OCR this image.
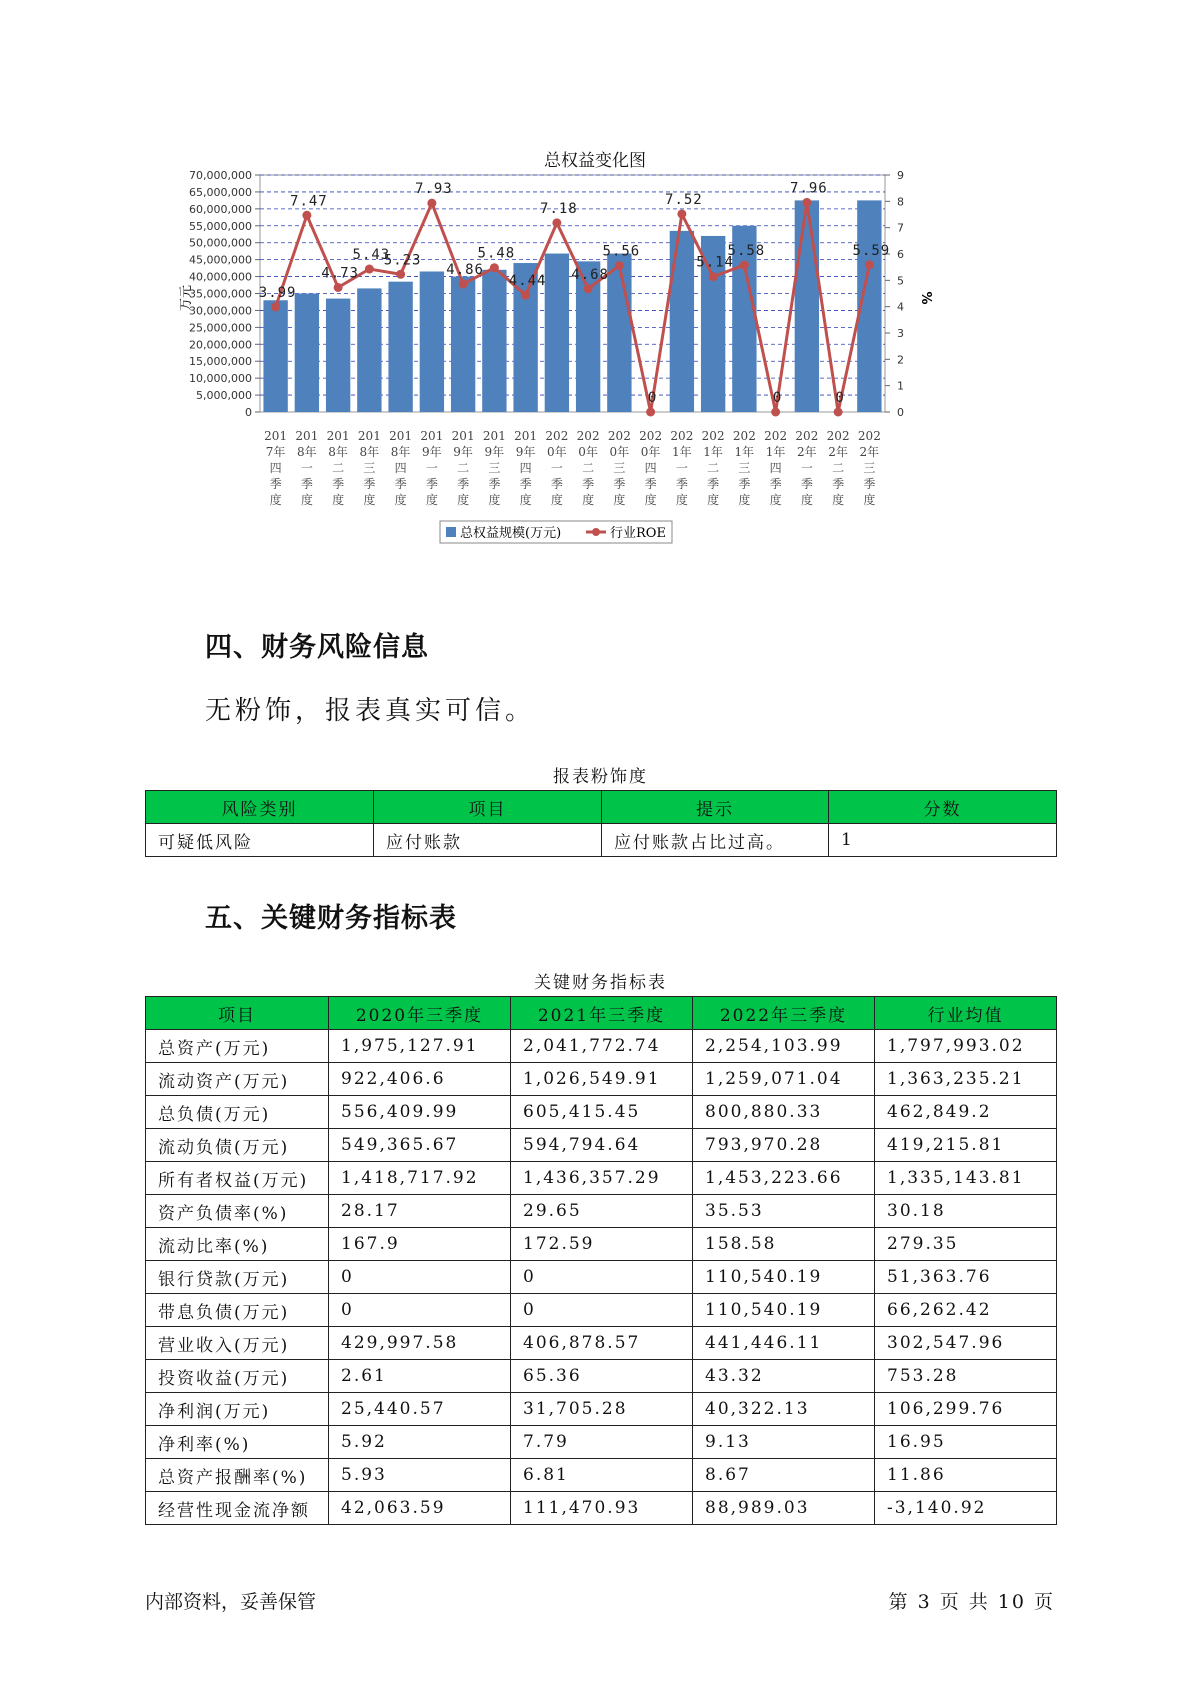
总权益变化图
0
5,000,000
10,000,000
15,000,000
20,000,000
25,000,000
30,000,000
35,000,000
40,000,000
45,000,000
50,000,000
55,000,000
60,000,000
65,000,000
70,000,000
0
1
2
3
4
5
6
7
8
9
万元	%
201
7年
四
季
度
201
8年
一
季
度
201
8年
二
季
度
201
8年
三
季
度
201
8年
四
季
度
201
9年
一
季
度
201
9年
二
季
度
201
9年
三
季
度
201
9年
四
季
度
202
0年
一
季
度
202
0年
二
季
度
202
0年
三
季
度
202
0年
四
季
度
202
1年
一
季
度
202
1年
二
季
度
202
1年
三
季
度
202
1年
四
季
度
202
2年
一
季
度
202
2年
二
季
度
202
2年
三
季
度
3.99
7.47
4.73
5.43
5.23
7.93
4.86
5.48
4.44
7.18
4.68
5.56
0
7.52
5.14
5.58
0
7.96
0
5.59
总权益规模(万元)	行业ROE
四、财务风险信息
无粉饰，报表真实可信。
报表粉饰度
风险类别	项目	提示	分数
可疑低风险	应付账款	应付账款占比过高。	1
五、关键财务指标表
关键财务指标表
项目	2020年三季度	2021年三季度	2022年三季度	行业均值
总资产(万元)	1,975,127.91	2,041,772.74	2,254,103.99	1,797,993.02
流动资产(万元)	922,406.6	1,026,549.91	1,259,071.04	1,363,235.21
总负债(万元)	556,409.99	605,415.45	800,880.33	462,849.2
流动负债(万元)	549,365.67	594,794.64	793,970.28	419,215.81
所有者权益(万元)	1,418,717.92	1,436,357.29	1,453,223.66	1,335,143.81
资产负债率(%)	28.17	29.65	35.53	30.18
流动比率(%)	167.9	172.59	158.58	279.35
银行贷款(万元)	0	0	110,540.19	51,363.76
带息负债(万元)	0	0	110,540.19	66,262.42
营业收入(万元)	429,997.58	406,878.57	441,446.11	302,547.96
投资收益(万元)	2.61	65.36	43.32	753.28
净利润(万元)	25,440.57	31,705.28	40,322.13	106,299.76
净利率(%)	5.92	7.79	9.13	16.95
总资产报酬率(%)	5.93	6.81	8.67	11.86
经营性现金流净额	42,063.59	111,470.93	88,989.03	-3,140.92
内部资料，妥善保管	第 3 页 共 10 页
